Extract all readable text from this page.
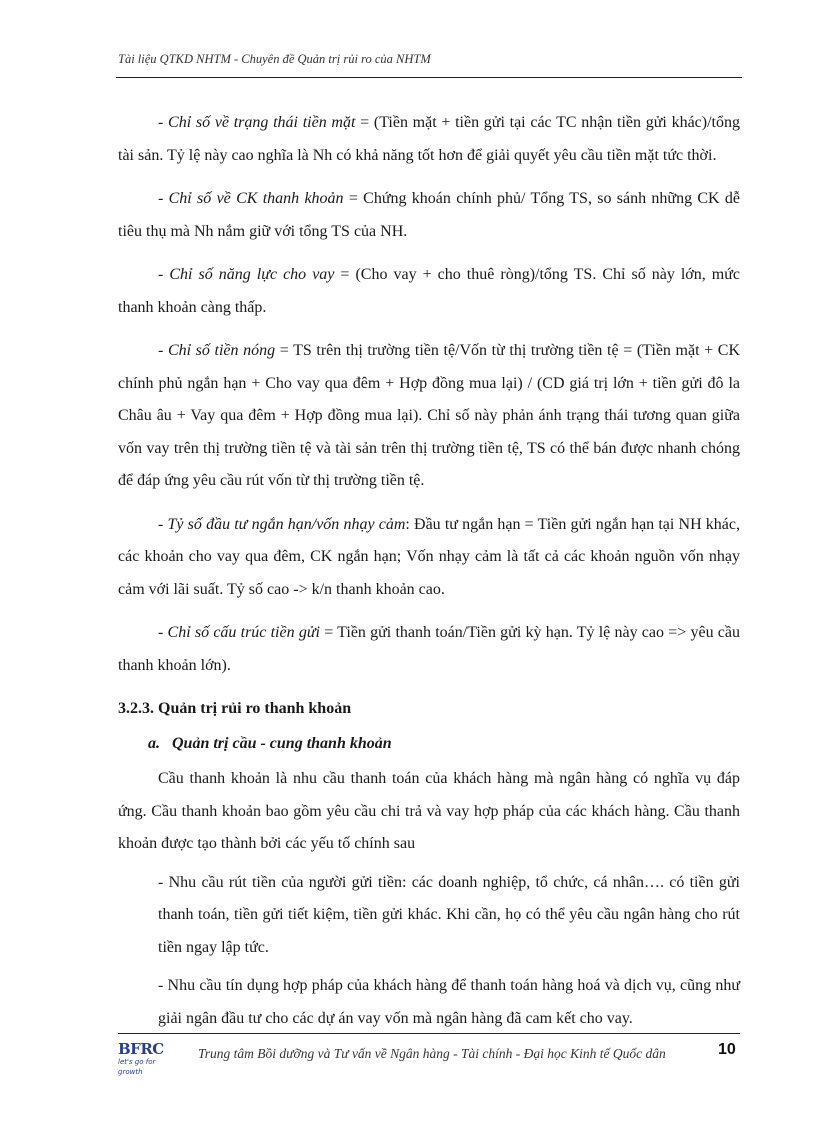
Tài liệu QTKD NHTM - Chuyên đề Quản trị rủi ro của NHTM

- Chỉ số về trạng thái tiền mặt = (Tiền mặt + tiền gửi tại các TC nhận tiền gửi khác)/tổng tài sản. Tỷ lệ này cao nghĩa là Nh có khả năng tốt hơn để giải quyết yêu cầu tiền mặt tức thời.

- Chỉ số về CK thanh khoản = Chứng khoán chính phủ/ Tổng TS, so sánh những CK dễ tiêu thụ mà Nh nắm giữ với tổng TS của NH.

- Chỉ số năng lực cho vay = (Cho vay + cho thuê ròng)/tổng TS. Chỉ số này lớn, mức thanh khoản càng thấp.

- Chỉ số tiền nóng = TS trên thị trường tiền tệ/Vốn từ thị trường tiền tệ = (Tiền mặt + CK chính phủ ngắn hạn + Cho vay qua đêm + Hợp đồng mua lại) / (CD giá trị lớn + tiền gửi đô la Châu âu + Vay qua đêm + Hợp đồng mua lại). Chỉ số này phản ánh trạng thái tương quan giữa vốn vay trên thị trường tiền tệ và tài sản trên thị trường tiền tệ, TS có thể bán được nhanh chóng để đáp ứng yêu cầu rút vốn từ thị trường tiền tệ.

- Tỷ số đầu tư ngắn hạn/vốn nhạy cảm: Đầu tư ngắn hạn = Tiền gửi ngắn hạn tại NH khác, các khoản cho vay qua đêm, CK ngắn hạn; Vốn nhạy cảm là tất cả các khoản nguồn vốn nhạy cảm với lãi suất. Tỷ số cao -> k/n thanh khoản cao.

- Chỉ số cấu trúc tiền gửi = Tiền gửi thanh toán/Tiền gửi kỳ hạn. Tỷ lệ này cao => yêu cầu thanh khoản lớn).

3.2.3. Quản trị rủi ro thanh khoản
a. Quản trị cầu - cung thanh khoản

Cầu thanh khoản là nhu cầu thanh toán của khách hàng mà ngân hàng có nghĩa vụ đáp ứng. Cầu thanh khoản bao gồm yêu cầu chi trả và vay hợp pháp của các khách hàng. Cầu thanh khoản được tạo thành bởi các yếu tố chính sau

- Nhu cầu rút tiền của người gửi tiền: các doanh nghiệp, tổ chức, cá nhân…. có tiền gửi thanh toán, tiền gửi tiết kiệm, tiền gửi khác. Khi cần, họ có thể yêu cầu ngân hàng cho rút tiền ngay lập tức.

- Nhu cầu tín dụng hợp pháp của khách hàng để thanh toán hàng hoá và dịch vụ, cũng như giải ngân đầu tư cho các dự án vay vốn mà ngân hàng đã cam kết cho vay.

BFRC
let's go for growth
Trung tâm Bồi dưỡng và Tư vấn về Ngân hàng - Tài chính - Đại học Kinh tế Quốc dân	10
